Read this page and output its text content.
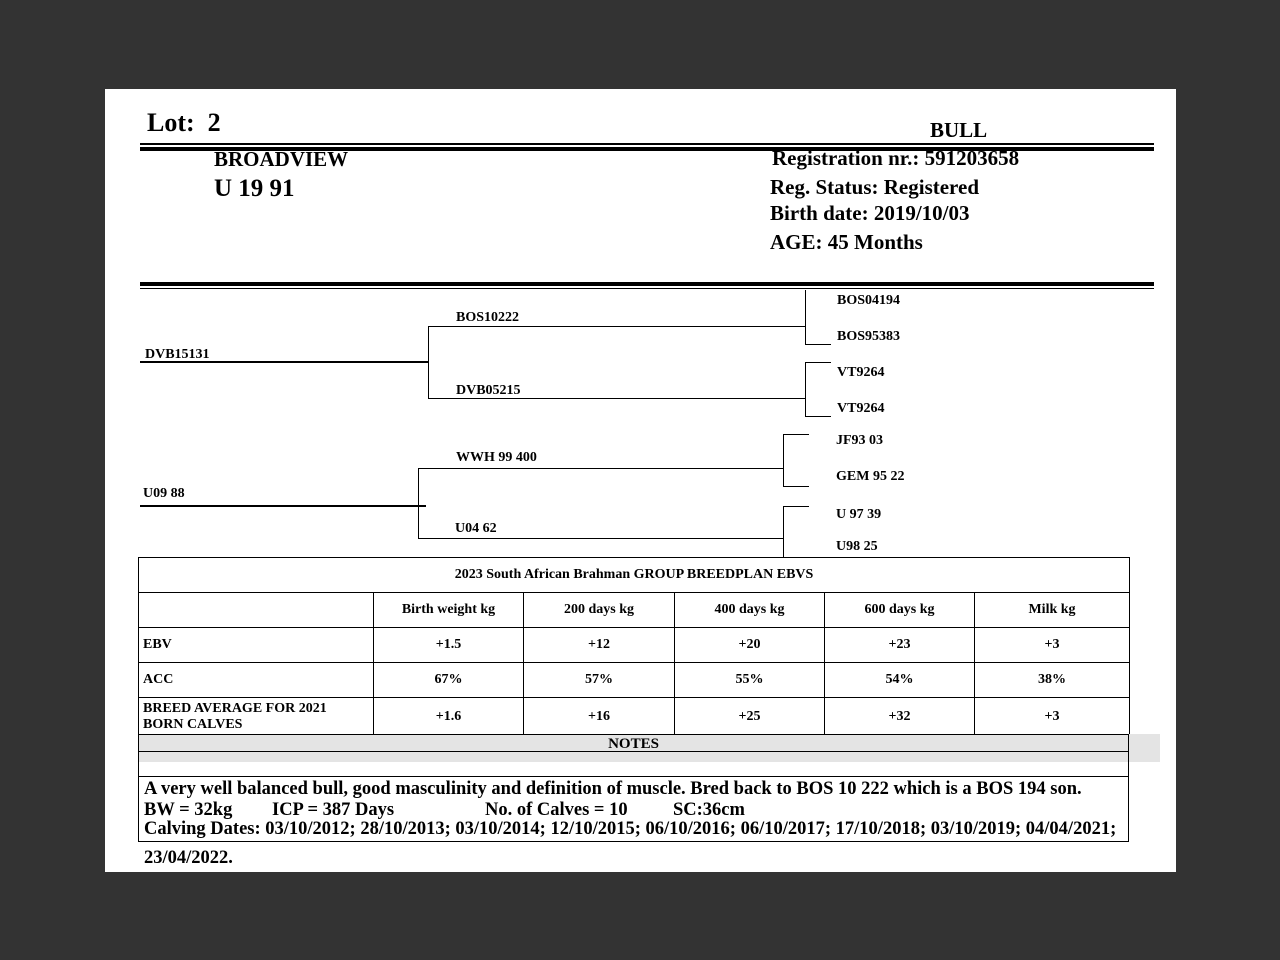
Lot: 2	BULL
BROADVIEW
U 19 91
Registration nr.: 591203658
Reg. Status: Registered
Birth date: 2019/10/03
AGE: 45 Months
DVB15131
U09 88
BOS10222
DVB05215
WWH 99 400
U04 62
BOS04194
BOS95383
VT9264
VT9264
JF93 03
GEM 95 22
U 97 39
U98 25
2023 South African Brahman GROUP BREEDPLAN EBVS					
	Birth weight kg	200 days kg	400 days kg	600 days kg	Milk kg
EBV	+1.5	+12	+20	+23	+3
ACC	67%	57%	55%	54%	38%
BREED AVERAGE FOR 2021 BORN CALVES	+1.6	+16	+25	+32	+3
NOTES
A very well balanced bull, good masculinity and definition of muscle. Bred back to BOS 10 222 which is a BOS 194 son.
BW = 32kg ICP = 387 Days	No. of Calves = 10 SC:36cm
Calving Dates: 03/10/2012; 28/10/2013; 03/10/2014; 12/10/2015; 06/10/2016; 06/10/2017; 17/10/2018; 03/10/2019; 04/04/2021;
23/04/2022.
